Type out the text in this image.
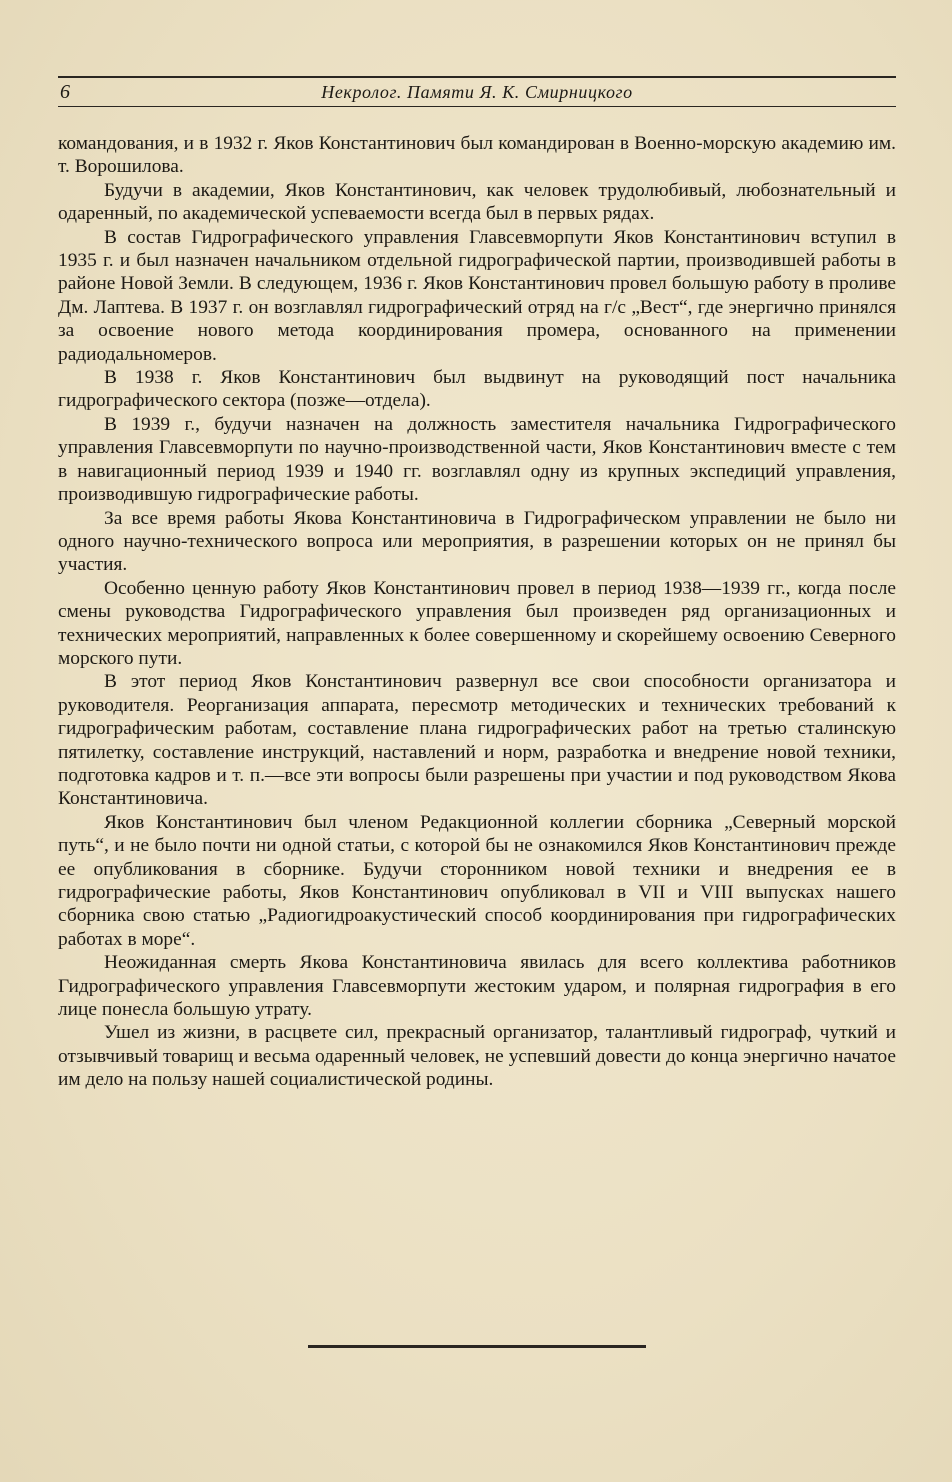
6	Некролог. Памяти Я. К. Смирницкого

командования, и в 1932 г. Яков Константинович был командирован в Военно-морскую академию им. т. Ворошилова.

Будучи в академии, Яков Константинович, как человек трудолюбивый, любознательный и одаренный, по академической успеваемости всегда был в первых рядах.

В состав Гидрографического управления Главсевморпути Яков Константинович вступил в 1935 г. и был назначен начальником отдельной гидрографической партии, производившей работы в районе Новой Земли. В следующем, 1936 г. Яков Константинович провел большую работу в проливе Дм. Лаптева. В 1937 г. он возглавлял гидрографический отряд на г/с „Вест“, где энергично принялся за освоение нового метода координирования промера, основанного на применении радиодальномеров.

В 1938 г. Яков Константинович был выдвинут на руководящий пост начальника гидрографического сектора (позже—отдела).

В 1939 г., будучи назначен на должность заместителя начальника Гидрографического управления Главсевморпути по научно-производственной части, Яков Константинович вместе с тем в навигационный период 1939 и 1940 гг. возглавлял одну из крупных экспедиций управления, производившую гидрографические работы.

За все время работы Якова Константиновича в Гидрографическом управлении не было ни одного научно-технического вопроса или мероприятия, в разрешении которых он не принял бы участия.

Особенно ценную работу Яков Константинович провел в период 1938—1939 гг., когда после смены руководства Гидрографического управления был произведен ряд организационных и технических мероприятий, направленных к более совершенному и скорейшему освоению Северного морского пути.

В этот период Яков Константинович развернул все свои способности организатора и руководителя. Реорганизация аппарата, пересмотр методических и технических требований к гидрографическим работам, составление плана гидрографических работ на третью сталинскую пятилетку, составление инструкций, наставлений и норм, разработка и внедрение новой техники, подготовка кадров и т. п.—все эти вопросы были разрешены при участии и под руководством Якова Константиновича.

Яков Константинович был членом Редакционной коллегии сборника „Северный морской путь“, и не было почти ни одной статьи, с которой бы не ознакомился Яков Константинович прежде ее опубликования в сборнике. Будучи сторонником новой техники и внедрения ее в гидрографические работы, Яков Константинович опубликовал в VII и VIII выпусках нашего сборника свою статью „Радиогидроакустический способ координирования при гидрографических работах в море“.

Неожиданная смерть Якова Константиновича явилась для всего коллектива работников Гидрографического управления Главсевморпути жестоким ударом, и полярная гидрография в его лице понесла большую утрату.

Ушел из жизни, в расцвете сил, прекрасный организатор, талантливый гидрограф, чуткий и отзывчивый товарищ и весьма одаренный человек, не успевший довести до конца энергично начатое им дело на пользу нашей социалистической родины.
